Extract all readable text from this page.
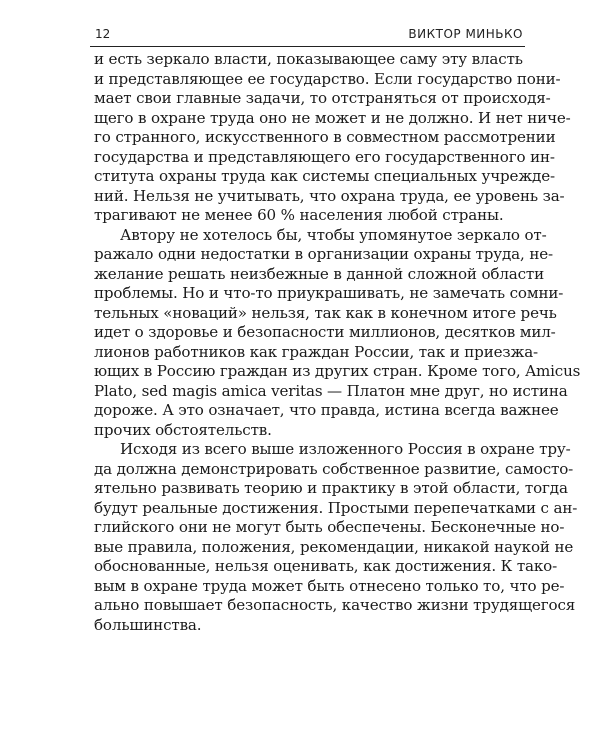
12	ВИКТОР МИНЬКО
и есть зеркало власти, показывающее саму эту власть
и представляющее ее государство. Если государство пони-
мает свои главные задачи, то отстраняться от происходя-
щего в охране труда оно не может и не должно. И нет ничe-
го странного, искусственного в совместном рассмотрении
государства и представляющего его государственного ин-
ститута охраны труда как системы специальных учрежде-
ний. Нельзя не учитывать, что охрана труда, ее уровень за-
трагивают не менее 60 % населения любой страны.
Автору не хотелось бы, чтобы упомянутое зеркало от-
ражало одни недостатки в организации охраны труда, не-
желание решать неизбежные в данной сложной области
проблемы. Но и что-то приукрашивать, не замечать сомни-
тельных «новаций» нельзя, так как в конечном итоге речь
идет о здоровье и безопасности миллионов, десятков мил-
лионов работников как граждан России, так и приезжа-
ющих в Россию граждан из других стран. Кроме того, Amicus
Plato, sed magis amica veritas — Платон мне друг, но истина
дороже. А это означает, что правда, истина всегда важнее
прочих обстоятельств.
Исходя из всего выше изложенного Россия в охране тру-
да должна демонстрировать собственное развитие, самосто-
ятельно развивать теорию и практику в этой области, тогда
будут реальные достижения. Простыми перепечатками с ан-
глийского они не могут быть обеспечены. Бесконечные но-
вые правила, положения, рекомендации, никакой наукой не
обоснованные, нельзя оценивать, как достижения. К тако-
вым в охране труда может быть отнесено только то, что ре-
ально повышает безопасность, качество жизни трудящегося
большинства.
